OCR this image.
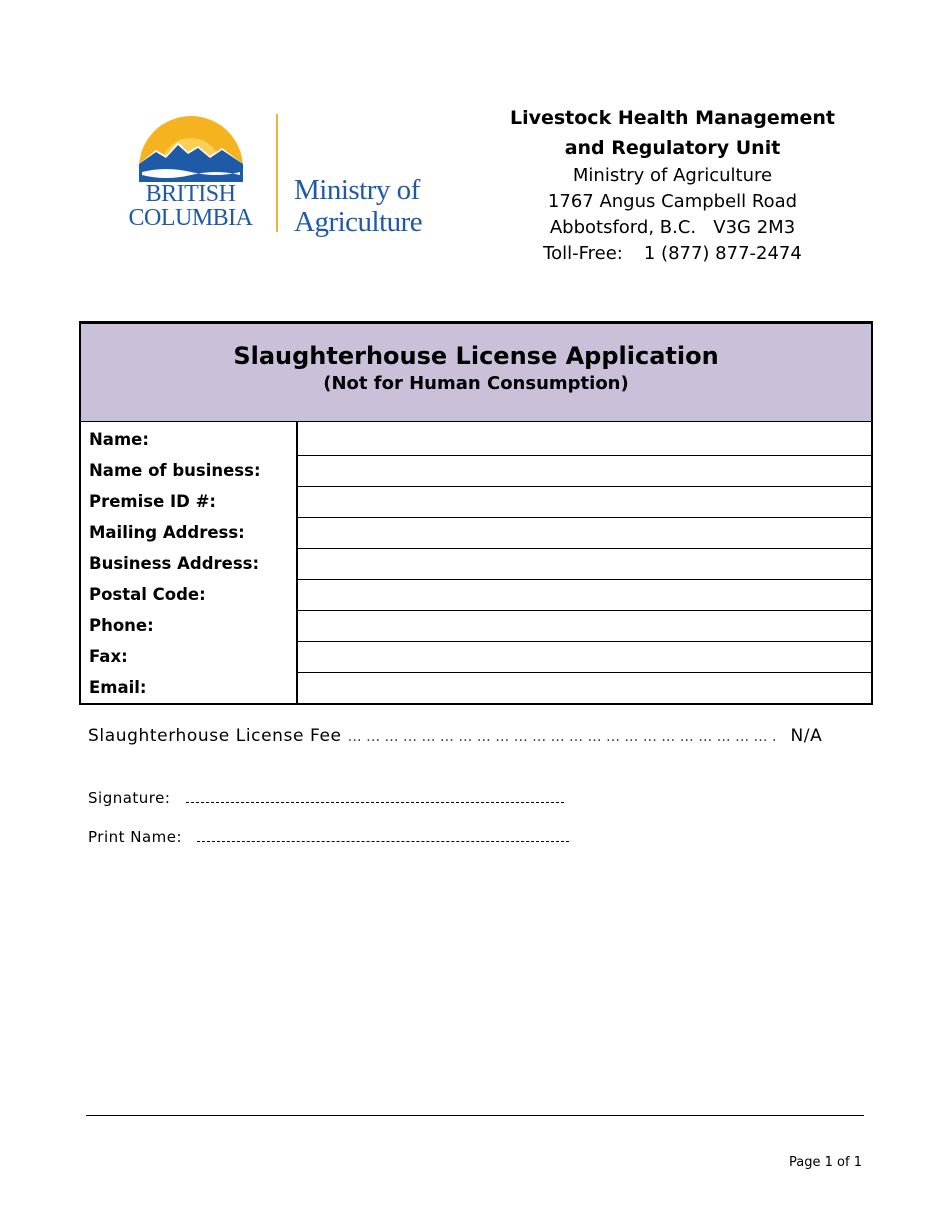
BRITISH
COLUMBIA
Ministry of
Agriculture
Livestock Health Management
and Regulatory Unit
Ministry of Agriculture
1767 Angus Campbell Road
Abbotsford, B.C.   V3G 2M3
Toll-Free: 1 (877) 877-2474
Slaughterhouse License Application
(Not for Human Consumption)
Name:
Name of business:
Premise ID #:
Mailing Address:
Business Address:
Postal Code:
Phone:
Fax:
Email:
Slaughterhouse License Fee … … … … … … … … … … … … … … … … … … … … … … … . N/A
Signature:
Print Name:
Page 1 of 1
